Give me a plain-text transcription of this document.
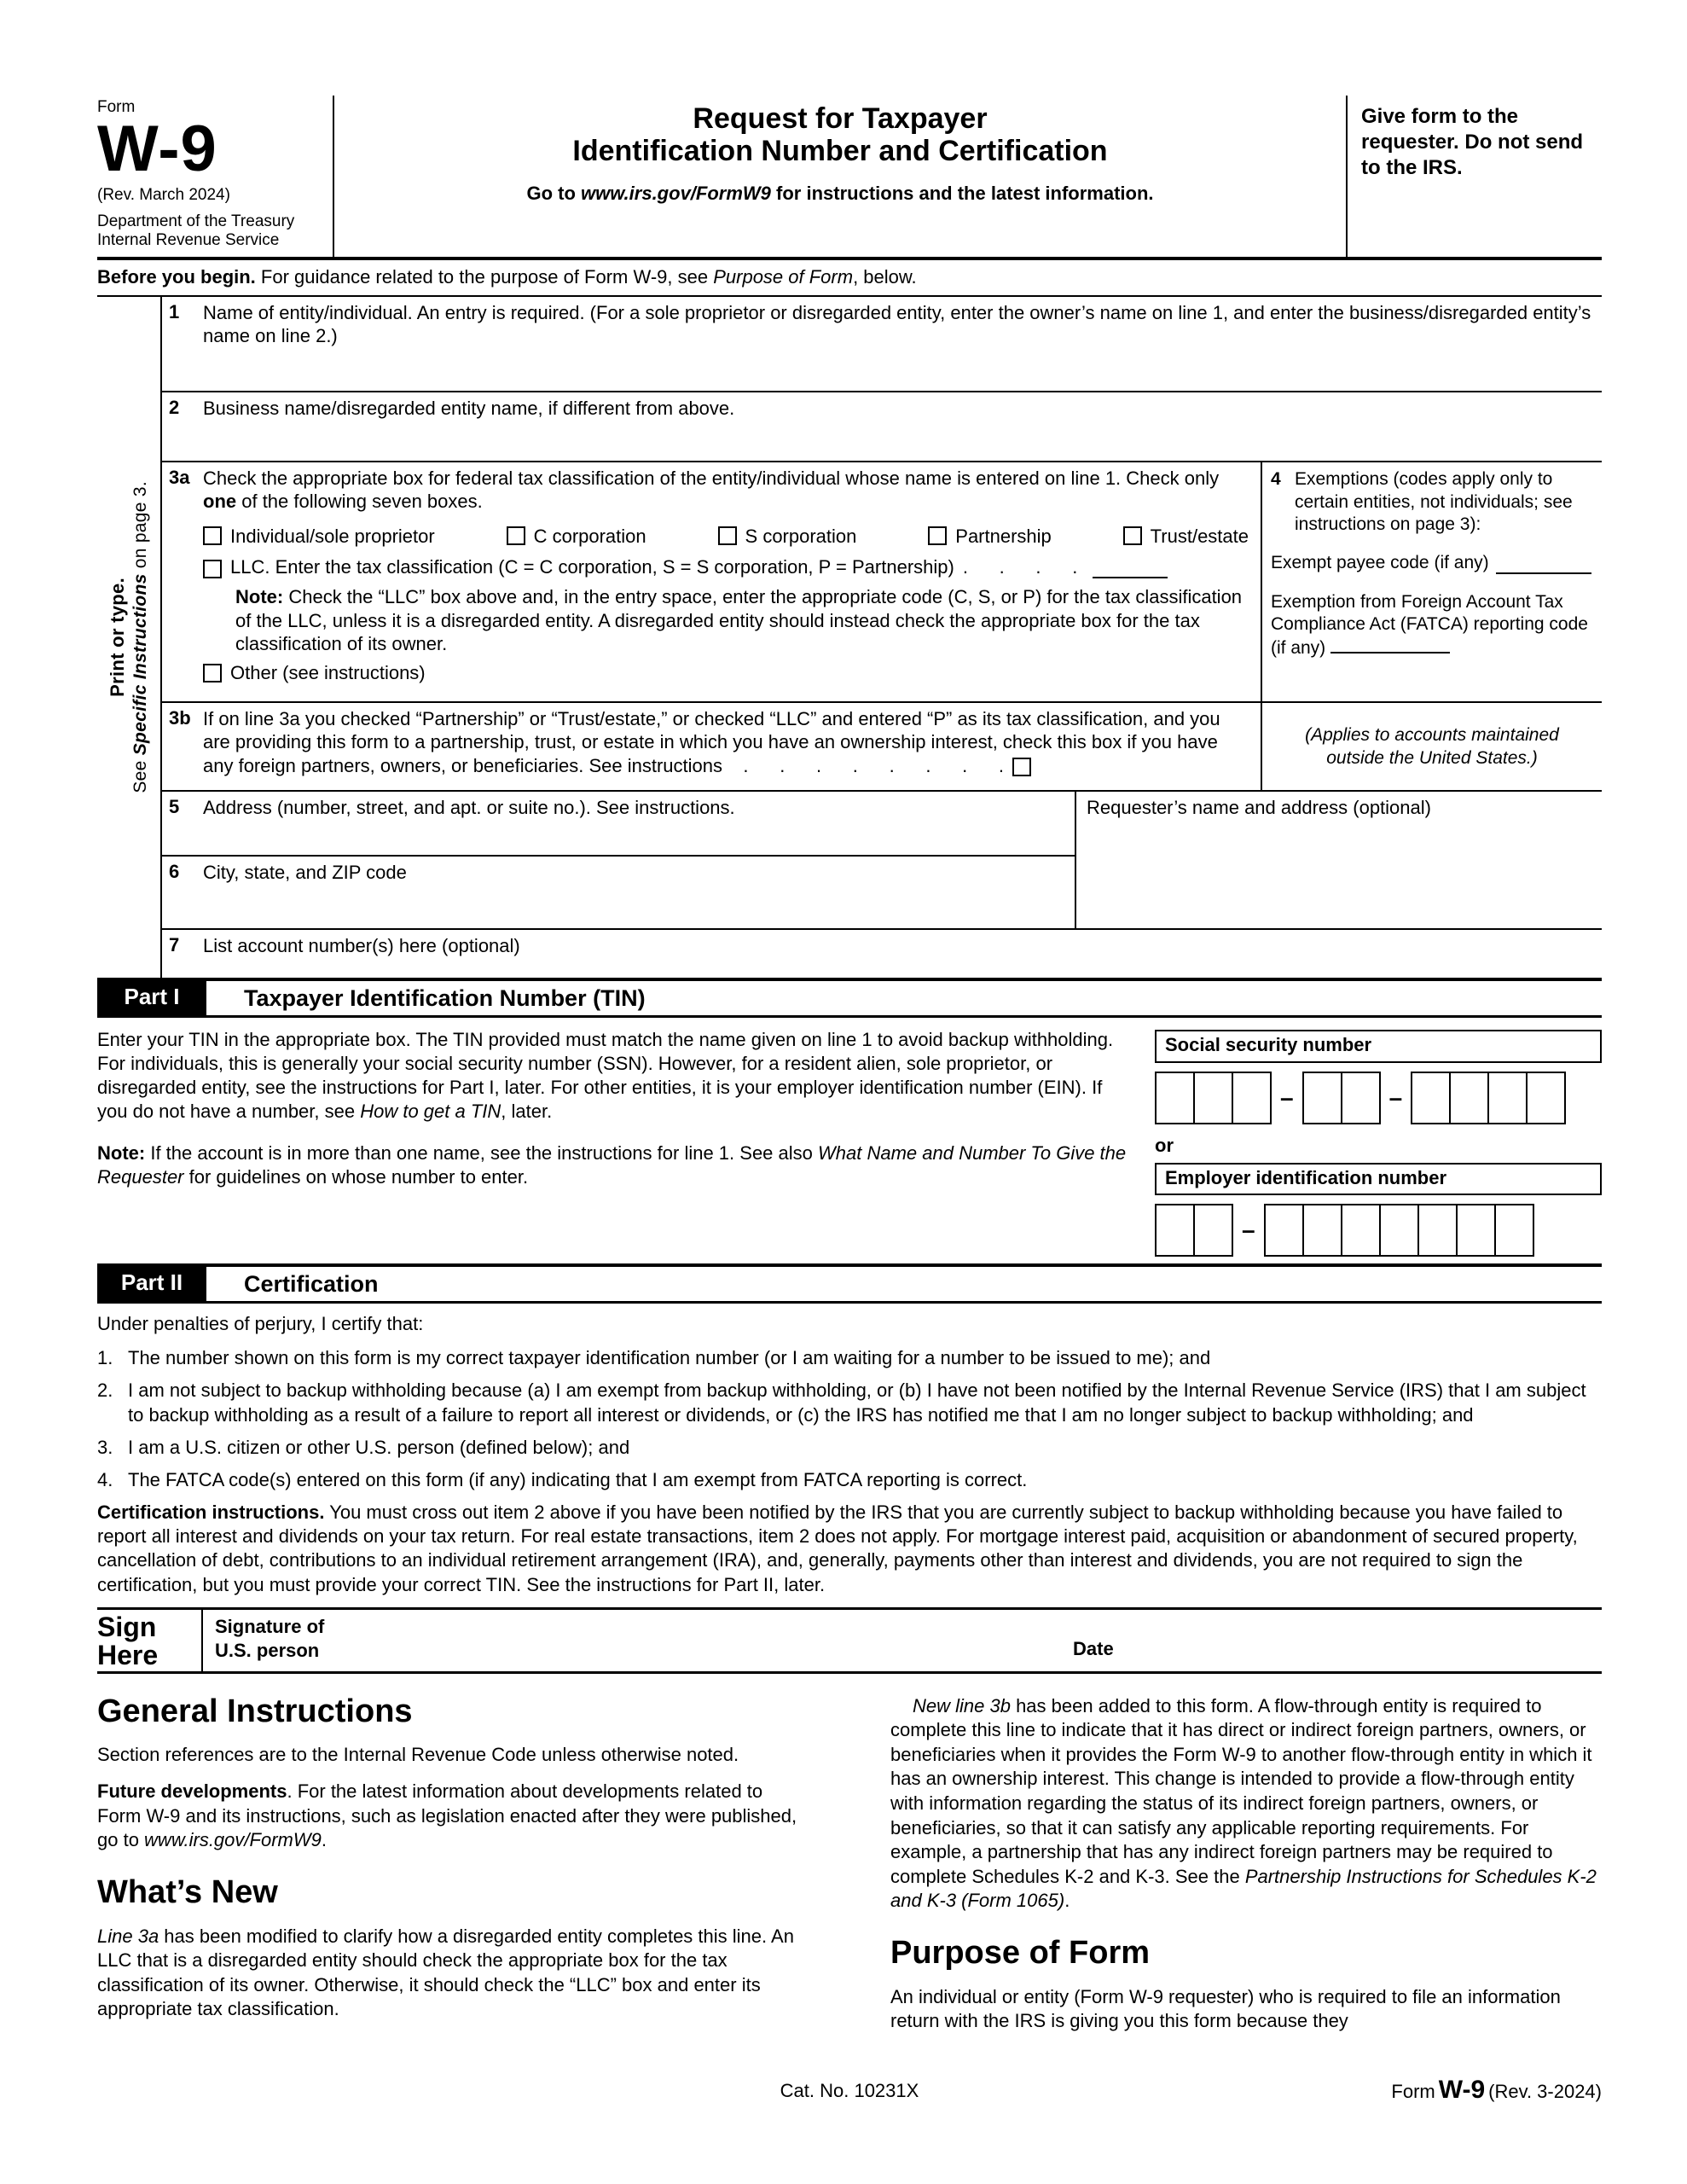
Form
W-9
(Rev. March 2024)
Department of the Treasury
Internal Revenue Service
Request for Taxpayer
Identification Number and Certification
Go to www.irs.gov/FormW9 for instructions and the latest information.
Give form to the requester. Do not send to the IRS.
Before you begin. For guidance related to the purpose of Form W-9, see Purpose of Form, below.
Print or type.
See Specific Instructions on page 3.
1	Name of entity/individual. An entry is required. (For a sole proprietor or disregarded entity, enter the owner’s name on line 1, and enter the business/disregarded entity’s name on line 2.)
2	Business name/disregarded entity name, if different from above.
3a Check the appropriate box for federal tax classification of the entity/individual whose name is entered on line 1. Check only one of the following seven boxes.
Individual/sole proprietor	C corporation	S corporation	Partnership	Trust/estate
LLC. Enter the tax classification (C = C corporation, S = S corporation, P = Partnership) .      .      .      .
Note: Check the “LLC” box above and, in the entry space, enter the appropriate code (C, S, or P) for the tax classification of the LLC, unless it is a disregarded entity. A disregarded entity should instead check the appropriate box for the tax classification of its owner.
Other (see instructions)
4 Exemptions (codes apply only to certain entities, not individuals; see instructions on page 3):
Exempt payee code (if any)
Exemption from Foreign Account Tax Compliance Act (FATCA) reporting code (if any)
3b If on line 3a you checked “Partnership” or “Trust/estate,” or checked “LLC” and entered “P” as its tax classification, and you are providing this form to a partnership, trust, or estate in which you have an ownership interest, check this box if you have any foreign partners, owners, or beneficiaries. See instructions    .      .      .      .      .      .      .      .
(Applies to accounts maintained outside the United States.)
5	Address (number, street, and apt. or suite no.). See instructions.
6	City, state, and ZIP code
Requester’s name and address (optional)
7	List account number(s) here (optional)
Part I	Taxpayer Identification Number (TIN)
Enter your TIN in the appropriate box. The TIN provided must match the name given on line 1 to avoid backup withholding. For individuals, this is generally your social security number (SSN). However, for a resident alien, sole proprietor, or disregarded entity, see the instructions for Part I, later. For other entities, it is your employer identification number (EIN). If you do not have a number, see How to get a TIN, later.
Note: If the account is in more than one name, see the instructions for line 1. See also What Name and Number To Give the Requester for guidelines on whose number to enter.
Social security number
–	–
or
Employer identification number
–
Part II	Certification
Under penalties of perjury, I certify that:
1. The number shown on this form is my correct taxpayer identification number (or I am waiting for a number to be issued to me); and
2. I am not subject to backup withholding because (a) I am exempt from backup withholding, or (b) I have not been notified by the Internal Revenue Service (IRS) that I am subject to backup withholding as a result of a failure to report all interest or dividends, or (c) the IRS has notified me that I am no longer subject to backup withholding; and
3. I am a U.S. citizen or other U.S. person (defined below); and
4. The FATCA code(s) entered on this form (if any) indicating that I am exempt from FATCA reporting is correct.
Certification instructions. You must cross out item 2 above if you have been notified by the IRS that you are currently subject to backup withholding because you have failed to report all interest and dividends on your tax return. For real estate transactions, item 2 does not apply. For mortgage interest paid, acquisition or abandonment of secured property, cancellation of debt, contributions to an individual retirement arrangement (IRA), and, generally, payments other than interest and dividends, you are not required to sign the certification, but you must provide your correct TIN. See the instructions for Part II, later.
Sign
Here
Signature of
U.S. person	Date
General Instructions

Section references are to the Internal Revenue Code unless otherwise noted.

Future developments. For the latest information about developments related to Form W-9 and its instructions, such as legislation enacted after they were published, go to www.irs.gov/FormW9.

What’s New

Line 3a has been modified to clarify how a disregarded entity completes this line. An LLC that is a disregarded entity should check the appropriate box for the tax classification of its owner. Otherwise, it should check the “LLC” box and enter its appropriate tax classification.

New line 3b has been added to this form. A flow-through entity is required to complete this line to indicate that it has direct or indirect foreign partners, owners, or beneficiaries when it provides the Form W-9 to another flow-through entity in which it has an ownership interest. This change is intended to provide a flow-through entity with information regarding the status of its indirect foreign partners, owners, or beneficiaries, so that it can satisfy any applicable reporting requirements. For example, a partnership that has any indirect foreign partners may be required to complete Schedules K-2 and K-3. See the Partnership Instructions for Schedules K-2 and K-3 (Form 1065).

Purpose of Form

An individual or entity (Form W-9 requester) who is required to file an information return with the IRS is giving you this form because they

Cat. No. 10231X	Form W-9 (Rev. 3-2024)
